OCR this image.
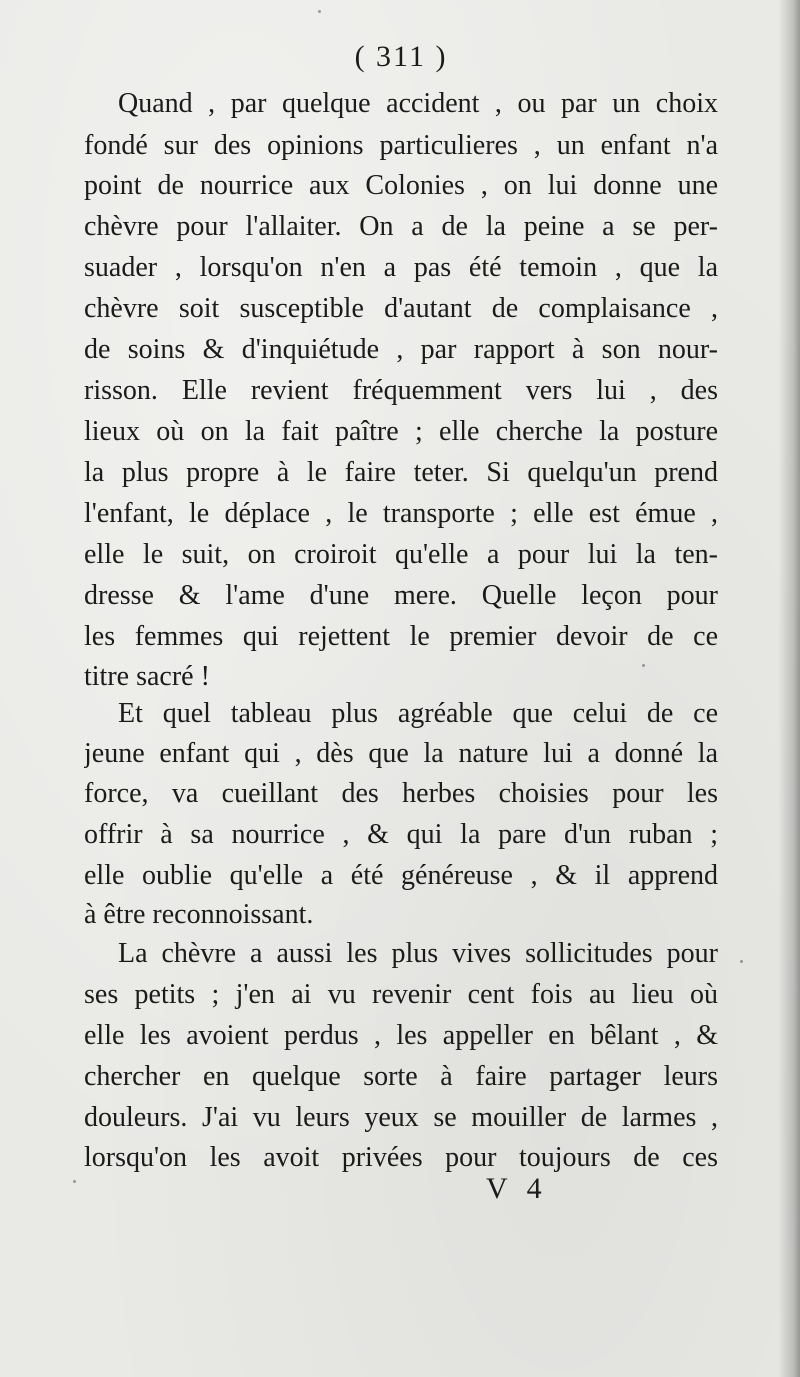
( 311 )
Quand , par quelque accident , ou par un choix
fondé sur des opinions particulieres , un enfant n'a
point de nourrice aux Colonies , on lui donne une
chèvre pour l'allaiter. On a de la peine a se per-
suader , lorsqu'on n'en a pas été temoin , que la
chèvre soit susceptible d'autant de complaisance ,
de soins & d'inquiétude , par rapport à son nour-
risson. Elle revient fréquemment vers lui , des
lieux où on la fait paître ; elle cherche la posture
la plus propre à le faire teter. Si quelqu'un prend
l'enfant, le déplace , le transporte ; elle est émue ,
elle le suit, on croiroit qu'elle a pour lui la ten-
dresse & l'ame d'une mere. Quelle leçon pour
les femmes qui rejettent le premier devoir de ce
titre sacré !
Et quel tableau plus agréable que celui de ce
jeune enfant qui , dès que la nature lui a donné la
force, va cueillant des herbes choisies pour les
offrir à sa nourrice , & qui la pare d'un ruban ;
elle oublie qu'elle a été généreuse , & il apprend
à être reconnoissant.
La chèvre a aussi les plus vives sollicitudes pour
ses petits ; j'en ai vu revenir cent fois au lieu où
elle les avoient perdus , les appeller en bêlant , &
chercher en quelque sorte à faire partager leurs
douleurs. J'ai vu leurs yeux se mouiller de larmes ,
lorsqu'on les avoit privées pour toujours de ces
V 4
